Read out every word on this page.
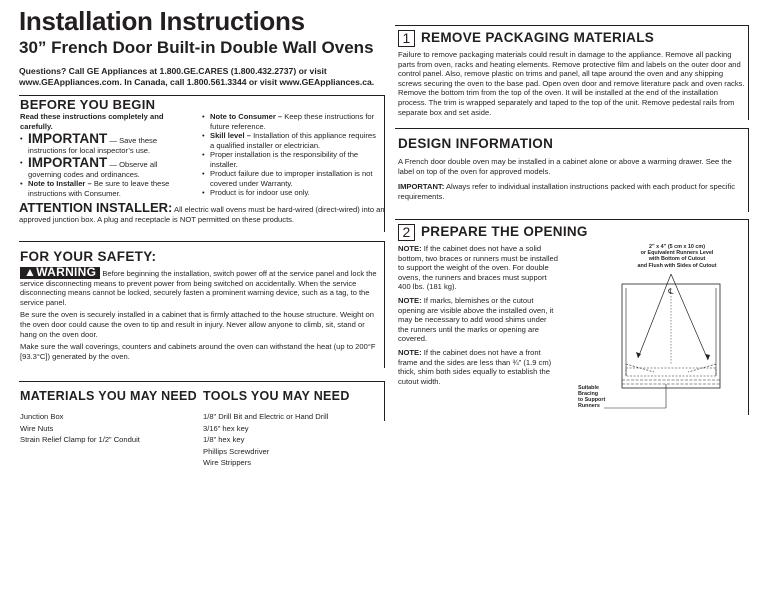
Installation Instructions
30” French Door Built-in Double Wall Ovens
Questions? Call GE Appliances at 1.800.GE.CARES (1.800.432.2737) or visit
www.GEAppliances.com. In Canada, call 1.800.561.3344 or visit www.GEAppliances.ca.
BEFORE YOU BEGIN

Read these instructions completely and carefully.

• IMPORTANT — Save these
instructions for local inspector’s use.
• IMPORTANT — Observe all
governing codes and ordinances.
• Note to Installer – Be sure to leave these instructions with Consumer.
• Note to Consumer – Keep these instructions for future reference.
• Skill level – Installation of this appliance requires a qualified installer or electrician.
• Proper installation is the responsibility of the installer.
• Product failure due to improper installation is not covered under Warranty.
• Product is for indoor use only.
ATTENTION INSTALLER: All electric wall ovens must be hard-wired (direct-wired) into an approved junction box. A plug and receptacle is NOT permitted on these products.
FOR YOUR SAFETY:
▲WARNING Before beginning the installation, switch power off at the service panel and lock the service disconnecting means to prevent power from being switched on accidentally. When the service disconnecting means cannot be locked, securely fasten a prominent warning device, such as a tag, to the service panel.

Be sure the oven is securely installed in a cabinet that is firmly attached to the house structure. Weight on the oven door could cause the oven to tip and result in injury. Never allow anyone to climb, sit, stand or hang on the oven door.

Make sure the wall coverings, counters and cabinets around the oven can withstand the heat (up to 200°F [93.3°C]) generated by the oven.

MATERIALS YOU MAY NEED
Junction Box
Wire Nuts
Strain Relief Clamp for 1/2” Conduit
TOOLS YOU MAY NEED
1/8” Drill Bit and Electric or Hand Drill
3/16” hex key
1/8” hex key
Phillips Screwdriver
Wire Strippers
1 REMOVE PACKAGING MATERIALS

Failure to remove packaging materials could result in damage to the appliance. Remove all packing parts from oven, racks and heating elements. Remove protective film and labels on the outer door and control panel. Also, remove plastic on trims and panel, all tape around the oven and any shipping screws securing the oven to the base pad. Open oven door and remove literature pack and oven racks. Remove the bottom trim from the top of the oven. It will be installed at the end of the installation process. The trim is wrapped separately and taped to the top of the unit. Remove pedestal rails from separate box and set aside.

DESIGN INFORMATION

A French door double oven may be installed in a cabinet alone or above a warming drawer. See the label on top of the oven for approved models.

IMPORTANT: Always refer to individual installation instructions packed with each product for specific requirements.

2 PREPARE THE OPENING

NOTE: If the cabinet does not have a solid bottom, two braces or runners must be installed to support the weight of the oven. For double ovens, the runners and braces must support 400 lbs. (181 kg).

NOTE: If marks, blemishes or the cutout opening are visible above the installed oven, it may be necessary to add wood shims under the runners until the marks or opening are covered.

NOTE: If the cabinet does not have a front frame and the sides are less than ¾” (1.9 cm) thick, shim both sides equally to establish the cutout width.

2” x 4” (5 cm x 10 cm)
or Equivalent Runners Level
with Bottom of Cutout
and Flush with Sides of Cutout
℄
Suitable
Bracing
to Support
Runners
